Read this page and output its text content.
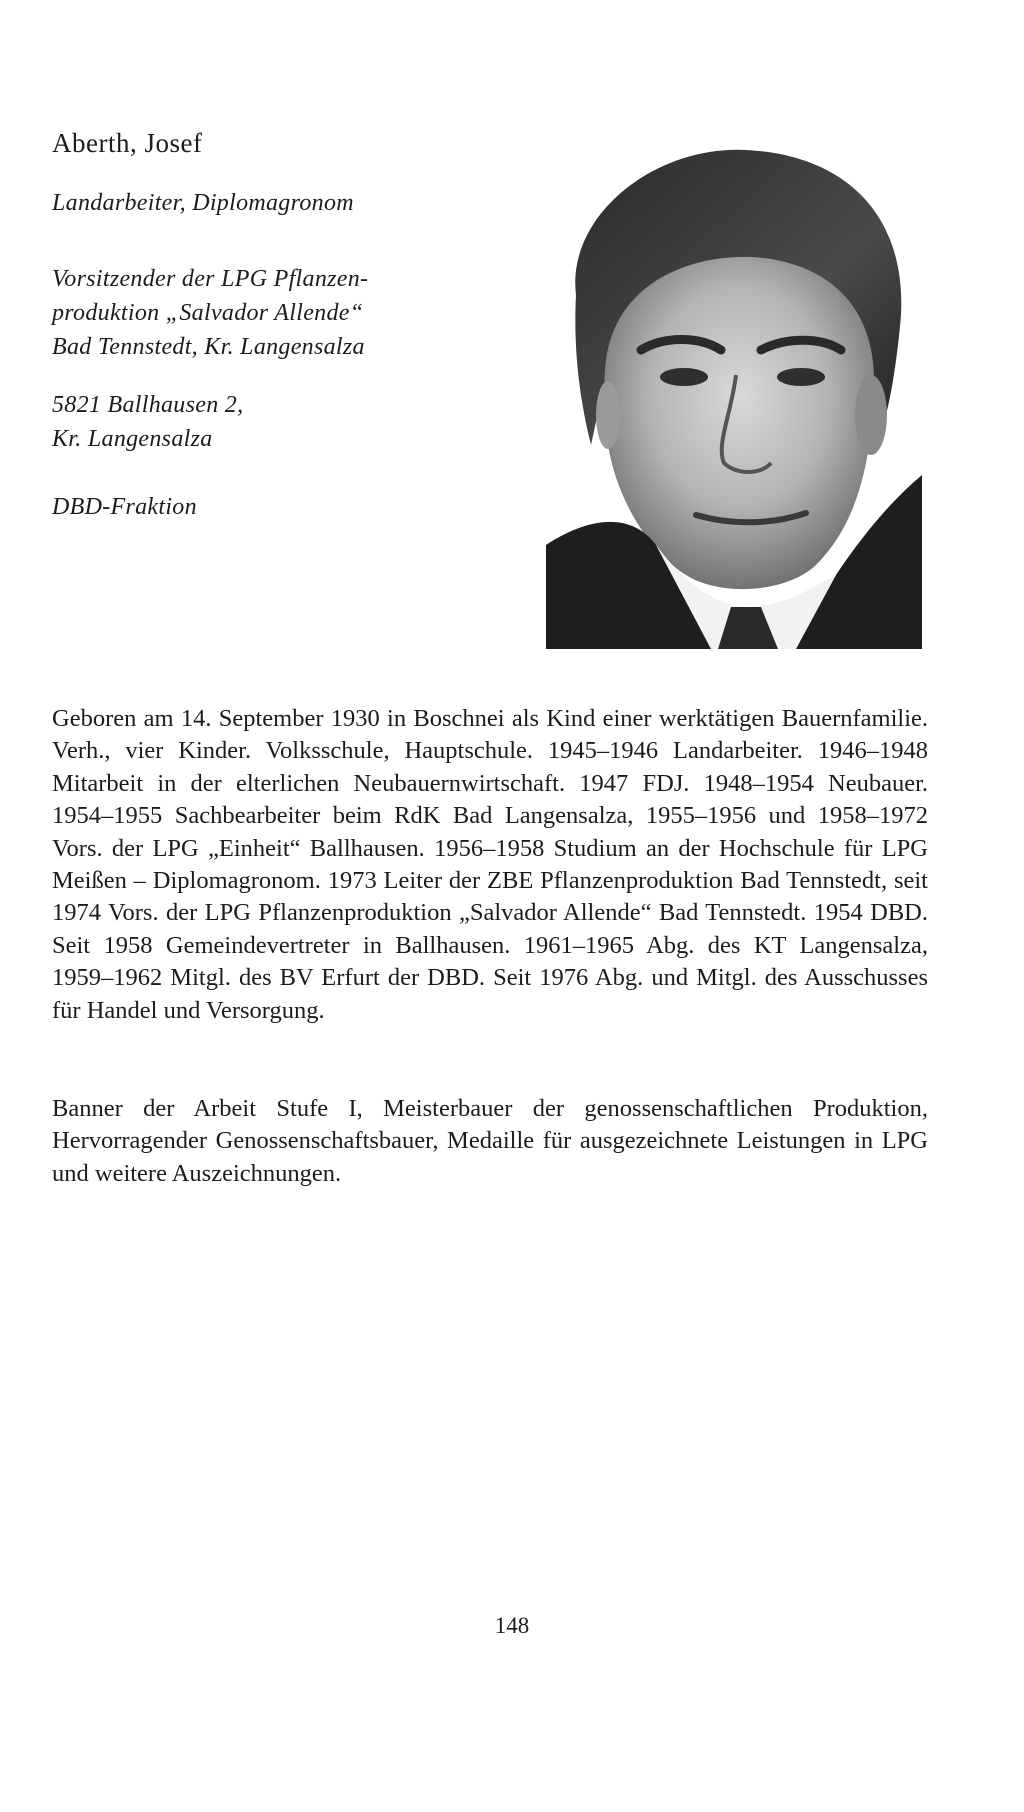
Aberth, Josef
Landarbeiter, Diplomagronom
Vorsitzender der LPG Pflanzen-
produktion „Salvador Allende“
Bad Tennstedt, Kr. Langensalza
5821 Ballhausen 2,
Kr. Langensalza
DBD-Fraktion

Geboren am 14. September 1930 in Boschnei als Kind einer werktätigen Bauernfamilie. Verh., vier Kinder. Volksschule, Hauptschule. 1945–1946 Landarbeiter. 1946–1948 Mitarbeit in der elterlichen Neubauernwirtschaft. 1947 FDJ. 1948–1954 Neubauer. 1954–1955 Sachbearbeiter beim RdK Bad Langensalza, 1955–1956 und 1958–1972 Vors. der LPG „Einheit“ Ballhausen. 1956–1958 Studium an der Hochschule für LPG Meißen – Diplomagronom. 1973 Leiter der ZBE Pflanzenproduktion Bad Tennstedt, seit 1974 Vors. der LPG Pflanzenproduktion „Salvador Allende“ Bad Tennstedt. 1954 DBD. Seit 1958 Gemeindevertreter in Ballhausen. 1961–1965 Abg. des KT Langensalza, 1959–1962 Mitgl. des BV Erfurt der DBD. Seit 1976 Abg. und Mitgl. des Ausschusses für Handel und Versorgung.

Banner der Arbeit Stufe I, Meisterbauer der genossenschaftlichen Produktion, Hervorragender Genossenschaftsbauer, Medaille für ausgezeichnete Leistungen in LPG und weitere Auszeichnungen.

148
